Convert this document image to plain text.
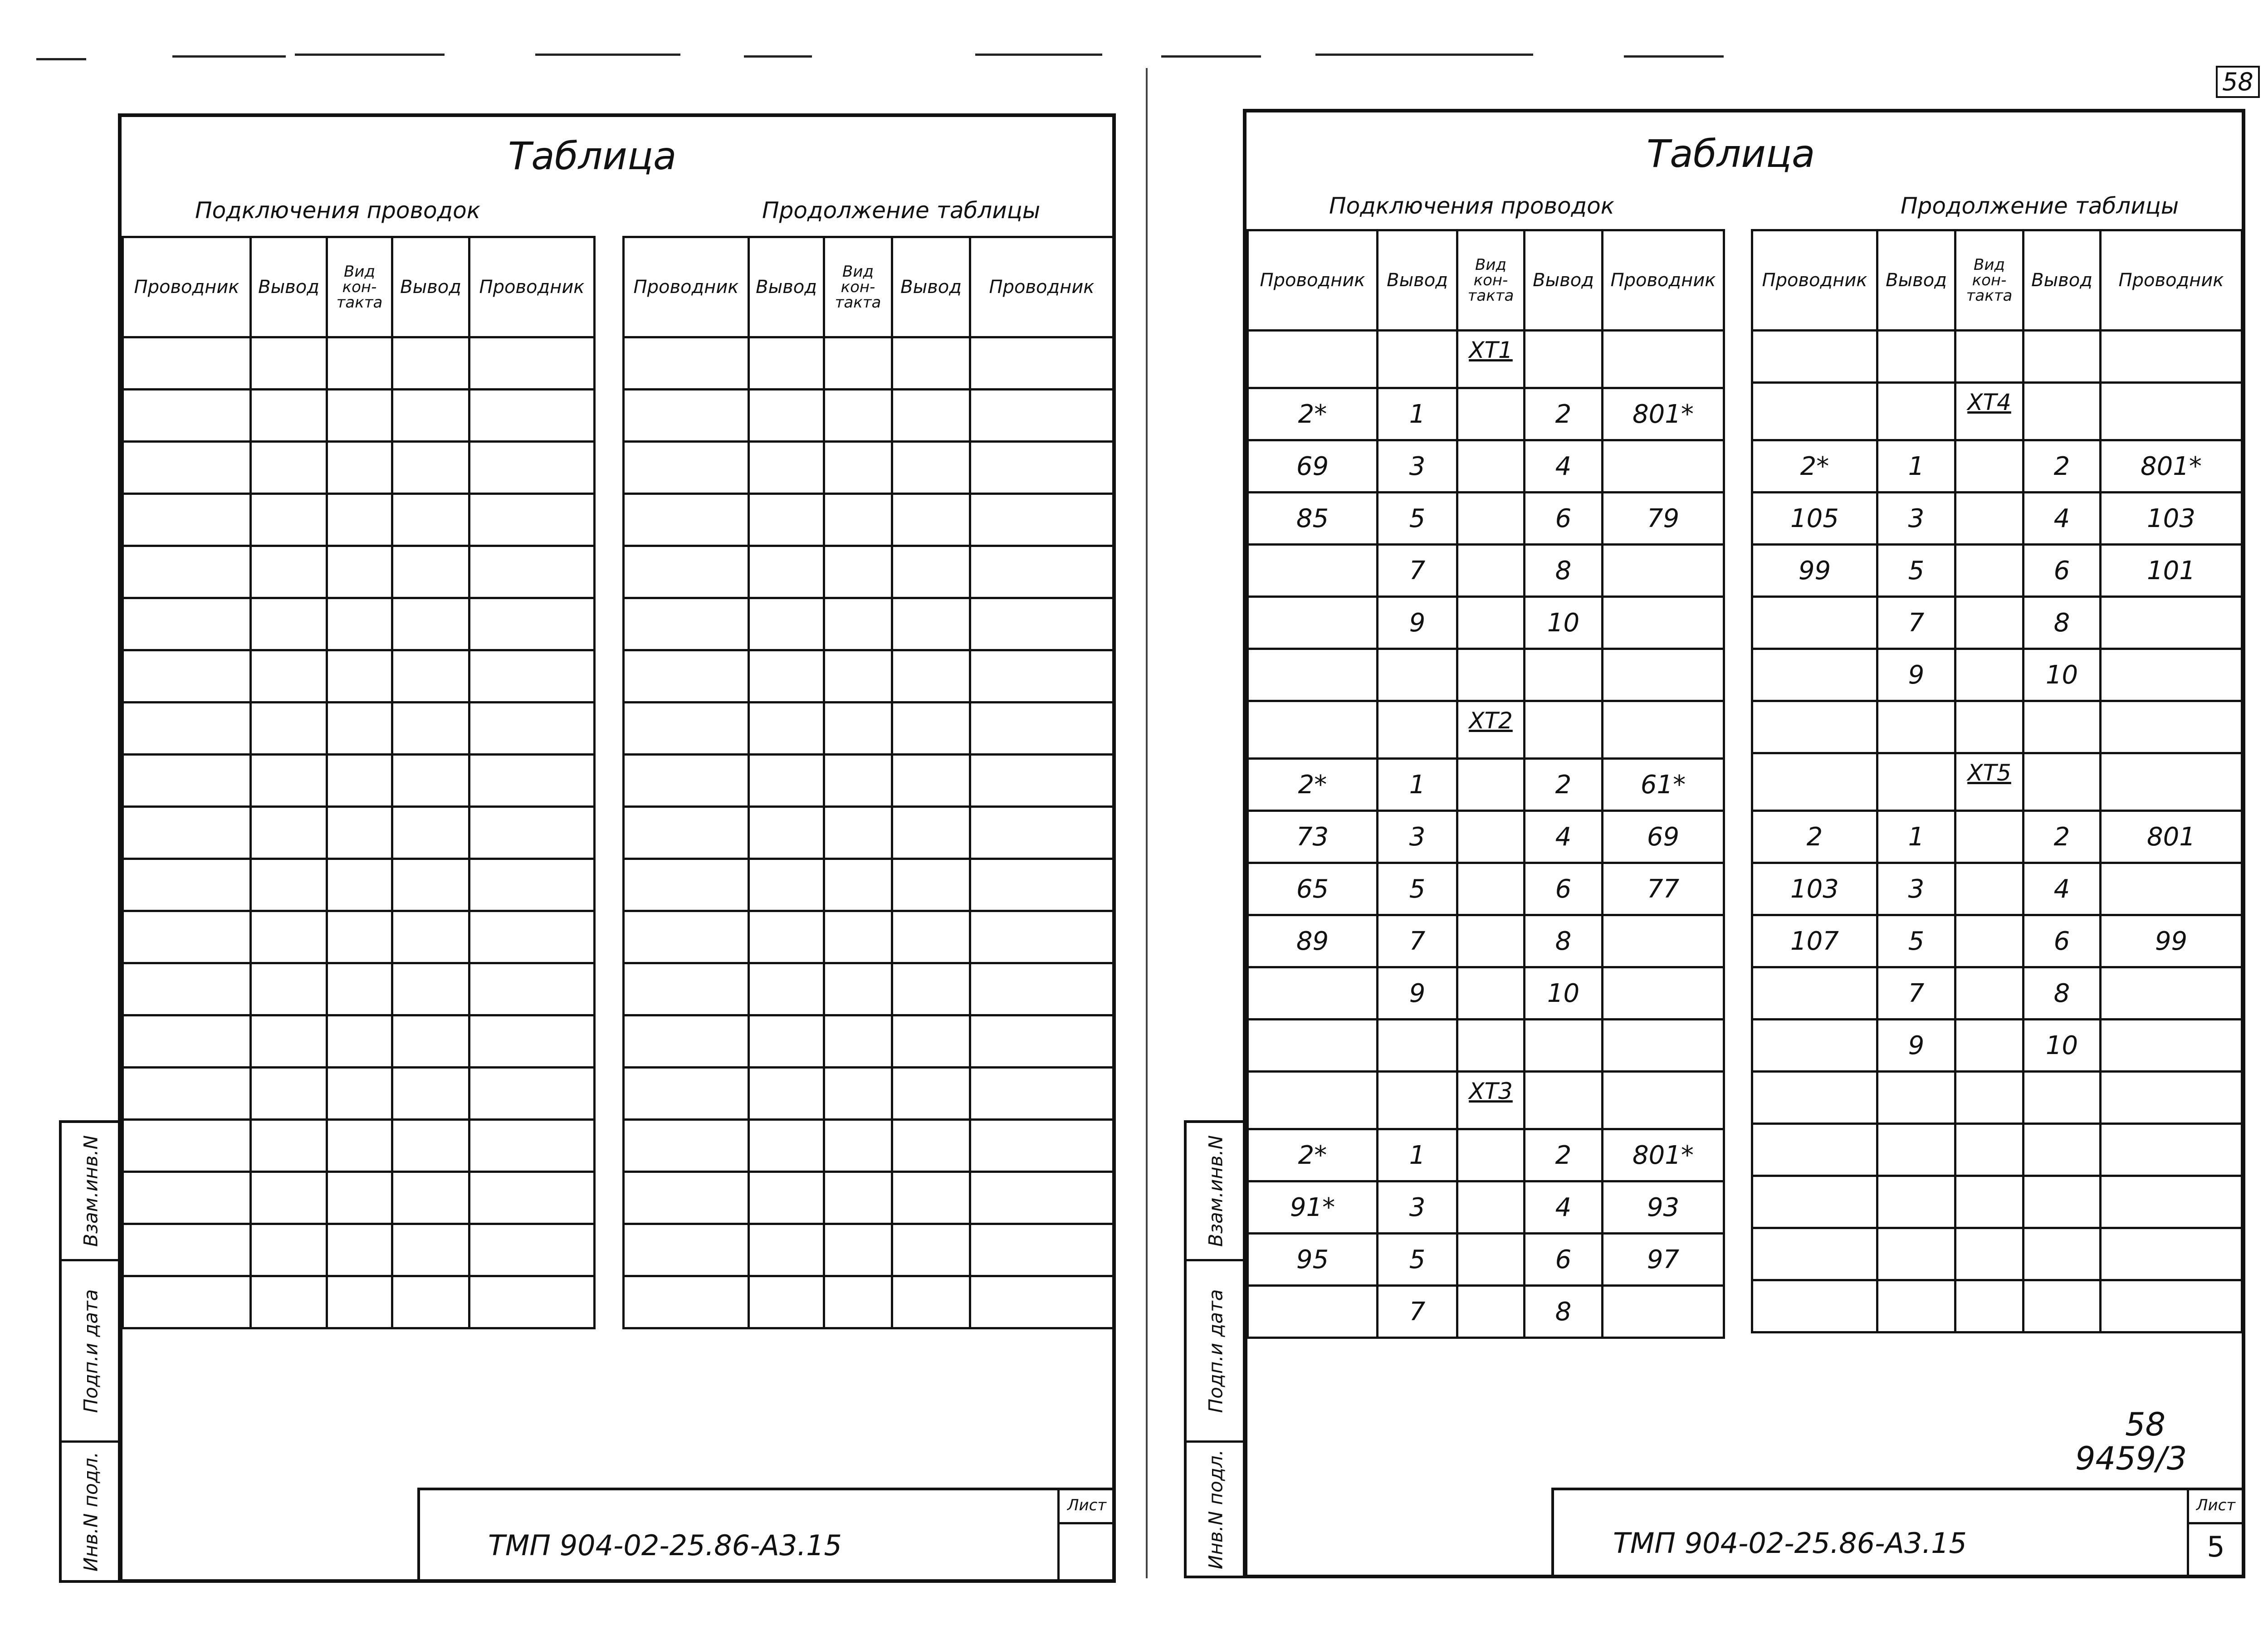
Таблица
Подключения проводок	Продолжение таблицы
Проводник	Вывод	Вид кон-такта	Вывод	Проводник

					Проводник	Вывод	Вид кон-такта	Вывод	Проводник

Взам.инв.N
Подп.и дата
Инв.N подл.	ТМП 904-02-25.86-А3.15
Лист
58
Таблица
Подключения проводок	Продолжение таблицы
Проводник	Вывод	Вид кон-такта	Вывод	Проводник
		XT1		
2*	1		2	801*
69	3		4	
85	5		6	79
	7		8	
	9		10	

		XT2		
2*	1		2	61*
73	3		4	69
65	5		6	77
89	7		8	
	9		10	

		XT3		
2*	1		2	801*
91*	3		4	93
95	5		6	97
	7		8	
Проводник	Вывод	Вид кон-такта	Вывод	Проводник

		XT4		
2*	1		2	801*
105	3		4	103
99	5		6	101
	7		8	
	9		10	

		XT5		
2	1		2	801
103	3		4	
107	5		6	99
	7		8	
	9		10	

Взам.инв.N
Подп.и дата
Инв.N подл.
58
9459/3
ТМП 904-02-25.86-А3.15
Лист
5
